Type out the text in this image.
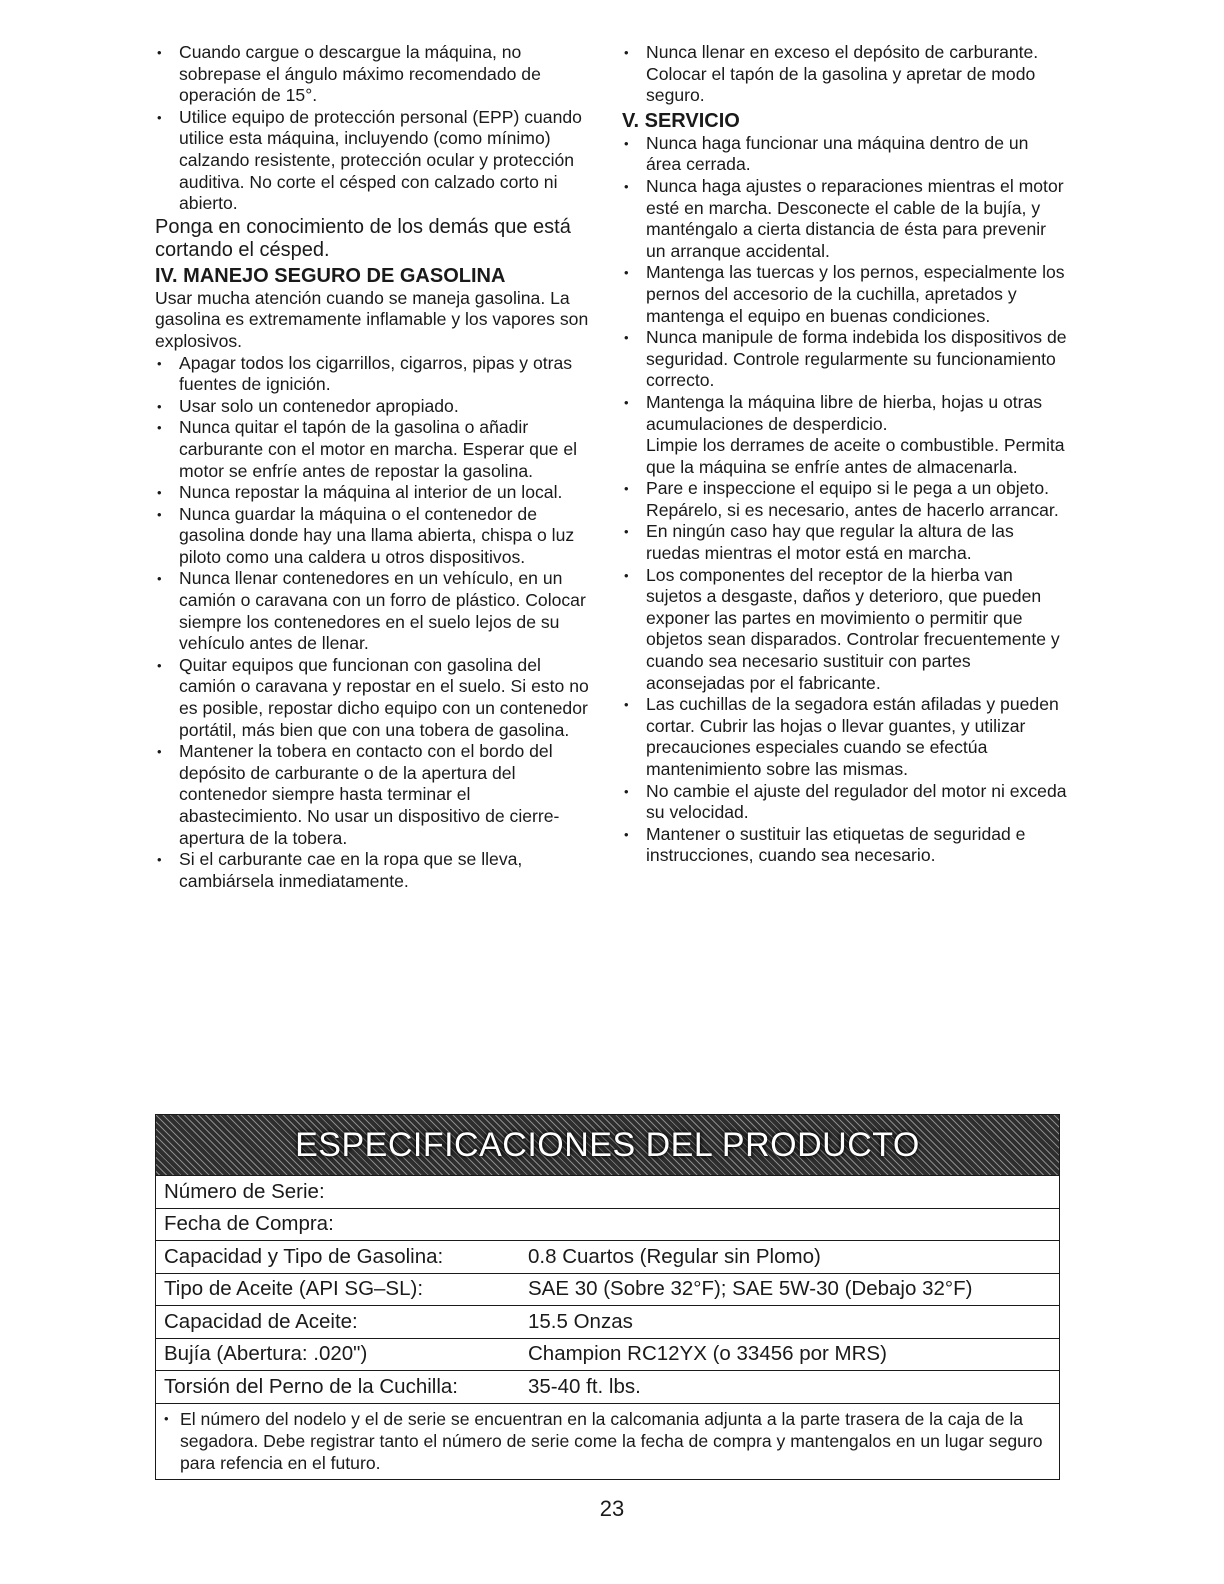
• Cuando cargue o descargue la máquina, no sobrepase el ángulo máximo recomendado de operación de 15°.
• Utilice equipo de protección personal (EPP) cuando utilice esta máquina, incluyendo (como mínimo) calzando resistente, protección ocular y protección auditiva. No corte el césped con calzado corto ni abierto.

Ponga en conocimiento de los demás que está cortando el césped.

IV. MANEJO SEGURO DE GASOLINA

Usar mucha atención cuando se maneja gasolina. La gasolina es extremamente inflamable y los vapores son explosivos.

• Apagar todos los cigarrillos, cigarros, pipas y otras fuentes de ignición.
• Usar solo un contenedor apropiado.
• Nunca quitar el tapón de la gasolina o añadir carburante con el motor en marcha. Esperar que el motor se enfríe antes de repostar la gasolina.
• Nunca repostar la máquina al interior de un local.
• Nunca guardar la máquina o el contenedor de gasolina donde hay una llama abierta, chispa o luz piloto como una caldera u otros dispositivos.
• Nunca llenar contenedores en un vehículo, en un camión o caravana con un forro de plástico. Colocar siempre los contenedores en el suelo lejos de su vehículo antes de llenar.
• Quitar equipos que funcionan con gasolina del camión o caravana y repostar en el suelo. Si esto no es posible, repostar dicho equipo con un contenedor portátil, más bien que con una tobera de gasolina.
• Mantener la tobera en contacto con el bordo del depósito de carburante o de la apertura del contenedor siempre hasta terminar el abastecimiento. No usar un dispositivo de cierre-apertura de la tobera.
• Si el carburante cae en la ropa que se lleva, cambiársela inmediatamente.
• Nunca llenar en exceso el depósito de carburante. Colocar el tapón de la gasolina y apretar de modo seguro.
V. SERVICIO
• Nunca haga funcionar una máquina dentro de un área cerrada.
• Nunca haga ajustes o reparaciones mientras el motor esté en marcha. Desconecte el cable de la bujía, y manténgalo a cierta distancia de ésta para prevenir un arranque accidental.
• Mantenga las tuercas y los pernos, especialmente los pernos del accesorio de la cuchilla, apretados y mantenga el equipo en buenas condiciones.
• Nunca manipule de forma indebida los dispositivos de seguridad. Controle regularmente su funcionamiento correcto.
• Mantenga la máquina libre de hierba, hojas u otras acumulaciones de desperdicio.

Limpie los derrames de aceite o combustible. Permita que la máquina se enfríe antes de almacenarla.

• Pare e inspeccione el equipo si le pega a un objeto. Repárelo, si es necesario, antes de hacerlo arrancar.
• En ningún caso hay que regular la altura de las ruedas mientras el motor está en marcha.
• Los componentes del receptor de la hierba van sujetos a desgaste, daños y deterioro, que pueden exponer las partes en movimiento o permitir que objetos sean disparados. Controlar frecuentemente y cuando sea necesario sustituir con partes aconsejadas por el fabricante.
• Las cuchillas de la segadora están afiladas y pueden cortar. Cubrir las hojas o llevar guantes, y utilizar precauciones especiales cuando se efectúa mantenimiento sobre las mismas.
• No cambie el ajuste del regulador del motor ni exceda su velocidad.
• Mantener o sustituir las etiquetas de seguridad e instrucciones, cuando sea necesario.
ESPECIFICACIONES DEL PRODUCTO
Número de Serie:
Fecha de Compra:
Capacidad y Tipo de Gasolina:	0.8 Cuartos (Regular sin Plomo)
Tipo de Aceite (API SG–SL):	SAE 30 (Sobre 32°F); SAE 5W-30 (Debajo 32°F)
Capacidad de Aceite:	15.5 Onzas
Bujía (Abertura: .020")	Champion RC12YX (o 33456 por MRS)
Torsión del Perno de la Cuchilla:	35-40 ft. lbs.
• El número del nodelo y el de serie se encuentran en la calcomania adjunta a la parte trasera de la caja de la segadora. Debe registrar tanto el número de serie come la fecha de compra y mantengalos en un lugar seguro para refencia en el futuro.
23
